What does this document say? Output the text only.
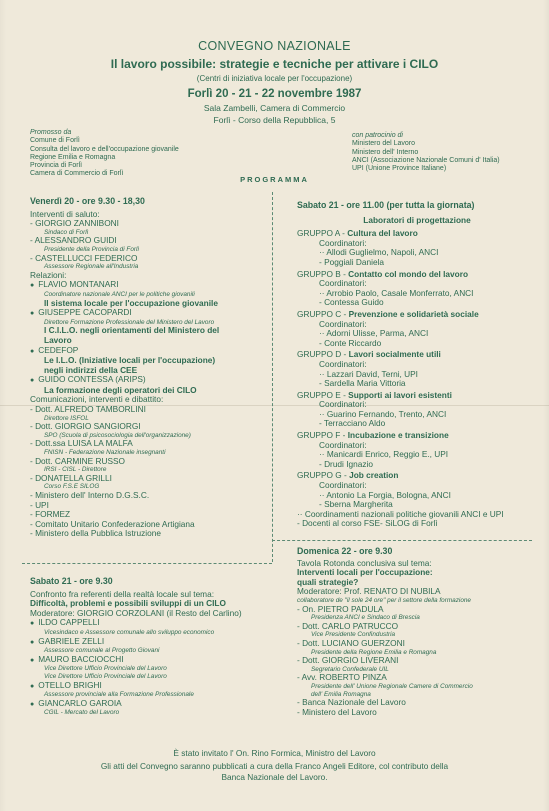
CONVEGNO NAZIONALE
Il lavoro possibile: strategie e tecniche per attivare i CILO
(Centri di iniziativa locale per l'occupazione)
Forlì 20 - 21 - 22 novembre 1987
Sala Zambelli, Camera di Commercio
Forlì - Corso della Repubblica, 5
Promosso da
Comune di Forlì
Consulta del lavoro e dell'occupazione giovanile
Regione Emilia e Romagna
Provincia di Forlì
Camera di Commercio di Forlì
con patrocinio di
Ministero del Lavoro
Ministero dell' Interno
ANCI (Associazione Nazionale Comuni d' Italia)
UPI (Unione Province Italiane)
PROGRAMMA
Venerdì 20 - ore 9.30 - 18,30
Interventi di saluto:
- GIORGIO ZANNIBONI
Sindaco di Forlì
- ALESSANDRO GUIDI
Presidente della Provincia di Forlì
- CASTELLUCCI FEDERICO
Assessore Regionale all'Industria
Relazioni:
● FLAVIO MONTANARI
Coordinatore nazionale ANCI per le politiche giovanili
Il sistema locale per l'occupazione giovanile
● GIUSEPPE CACOPARDI
Direttore Formazione Professionale del Ministero del Lavoro
I C.I.L.O. negli orientamenti del Ministero del
Lavoro
● CEDEFOP
Le I.L.O. (Iniziative locali per l'occupazione)
negli indirizzi della CEE
● GUIDO CONTESSA (ARIPS)
La formazione degli operatori dei CILO
Comunicazioni, interventi e dibattito:
- Dott. ALFREDO TAMBORLINI
Direttore ISFOL
- Dott. GIORGIO SANGIORGI
SPO (Scuola di psicosociologia dell'organizzazione)
- Dott.ssa LUISA LA MALFA
FNISN - Federazione Nazionale insegnanti
- Dott. CARMINE RUSSO
IRSI - CISL - Direttore
- DONATELLA GRILLI
Corso F.S.E SILOG
- Ministero dell' Interno D.G.S.C.
- UPI
- FORMEZ
- Comitato Unitario Confederazione Artigiana
- Ministero della Pubblica Istruzione
Sabato 21 - ore 9.30
Confronto fra referenti della realtà locale sul tema:
Difficoltà, problemi e possibili sviluppi di un CILO
Moderatore: GIORGIO CORZOLANI (il Resto del Carlino)
● ILDO CAPPELLI
Vicesindaco e Assessore comunale allo sviluppo economico
● GABRIELE ZELLI
Assessore comunale al Progetto Giovani
● MAURO BACCIOCCHI
Vice Direttore Ufficio Provinciale del Lavoro
Vice Direttore Ufficio Provinciale del Lavoro
● OTELLO BRIGHI
Assessore provinciale alla Formazione Professionale
● GIANCARLO GAROIA
CGIL - Mercato del Lavoro
Sabato 21 - ore 11.00 (per tutta la giornata)
Laboratori di progettazione
GRUPPO A - Cultura del lavoro
Coordinatori:
·· Allodi Guglielmo, Napoli, ANCI
- Poggiali Daniela
GRUPPO B - Contatto col mondo del lavoro
Coordinatori:
·· Arrobio Paolo, Casale Monferrato, ANCI
- Contessa Guido
GRUPPO C - Prevenzione e solidarietà sociale
Coordinatori:
·· Adorni Ulisse, Parma, ANCI
- Conte Riccardo
GRUPPO D - Lavori socialmente utili
Coordinatori:
·· Lazzari David, Terni, UPI
- Sardella Maria Vittoria
GRUPPO E - Supporti ai lavori esistenti
Coordinatori:
·· Guarino Fernando, Trento, ANCI
- Terracciano Aldo
GRUPPO F - Incubazione e transizione
Coordinatori:
·· Manicardi Enrico, Reggio E., UPI
- Drudi Ignazio
GRUPPO G - Job creation
Coordinatori:
·· Antonio La Forgia, Bologna, ANCI
- Sberna Margherita
·· Coordinamenti nazionali politiche giovanili ANCI e UPI
- Docenti al corso FSE- SiLOG di Forlì
Domenica 22 - ore 9.30
Tavola Rotonda conclusiva sul tema:
Interventi locali per l'occupazione:
quali strategie?
Moderatore: Prof. RENATO DI NUBILA
collaboratore de "il sole 24 ore" per il settore della formazione
- On. PIETRO PADULA
Presidenza ANCI e Sindaco di Brescia
- Dott. CARLO PATRUCCO
Vice Presidente Confindustria
- Dott. LUCIANO GUERZONI
Presidente della Regione Emilia e Romagna
- Dott. GIORGIO LIVERANI
Segretario Confederale UIL
- Avv. ROBERTO PINZA
Presidente dell' Unione Regionale Camere di Commercio
dell' Emilia Romagna
- Banca Nazionale del Lavoro
- Ministero del Lavoro
È stato invitato l' On. Rino Formica, Ministro del Lavoro
Gli atti del Convegno saranno pubblicati a cura della Franco Angeli Editore, col contributo della
Banca Nazionale del Lavoro.
